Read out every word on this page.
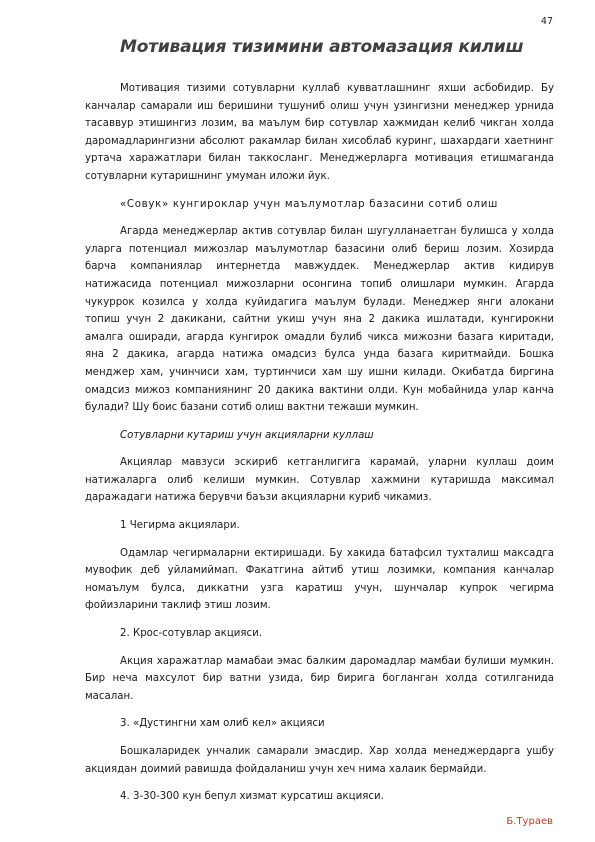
47
Мотивация тизимини автомазация килиш

Мотивация тизими сотувларни куллаб кувватлашнинг яхши асбобидир. Бу канчалар самарали иш беришини тушуниб олиш учун узингизни менеджер урнида тасаввур этишингиз лозим, ва маълум бир сотувлар хажмидан келиб чикган холда даромадларингизни абсолют ракамлар билан хисоблаб куринг, шахардаги хаетнинг уртача харажатлари билан таккосланг. Менеджерларга мотивация етишмаганда сотувларни кутаришнинг умуман иложи йук.

«Совук» кунгироклар учун маълумотлар базасини сотиб олиш

Агарда менеджерлар актив сотувлар билан шугулланаетган булишса у холда уларга потенциал мижозлар маълумотлар базасини олиб бериш лозим. Хозирда барча компаниялар интернетда мавжуддек. Менеджерлар актив кидирув натижасида потенциал мижозларни осонгина топиб олишлари мумкин. Агарда чукуррок козилса у холда куйидагига маълум булади. Менеджер янги алокани топиш учун 2 дакикани, сайтни укиш учун яна 2 дакика ишлатади, кунгирокни амалга оширади, агарда кунгирок омадли булиб чикса мижозни базага киритади, яна 2 дакика, агарда натижа омадсиз булса унда базага киритмайди. Бошка менджер хам, учинчиси хам, туртинчиси хам шу ишни килади. Окибатда биргина омадсиз мижоз компаниянинг 20 дакика вактини олди. Кун мобайнида улар канча булади? Шу боис базани сотиб олиш вактни тежаши мумкин.

Сотувларни кутариш учун акцияларни куллаш

Акциялар мавзуси эскириб кетганлигига карамай, уларни куллаш доим натижаларга олиб келиши мумкин. Сотувлар хажмини кутаришда максимал даражадаги натижа берувчи баъзи акцияларни куриб чикамиз.

1 Чегирма акциялари.

Одамлар чегирмаларни ектиришади. Бу хакида батафсил тухталиш максадга мувофик деб уйламиймап. Факатгина айтиб утиш лозимки, компания канчалар номаълум булса, диккатни узга каратиш учун, шунчалар купрок чегирма фойизларини таклиф этиш лозим.

2. Крос-сотувлар акцияси.

Акция харажатлар мамабаи эмас балким даромадлар мамбаи булиши мумкин. Бир неча махсулот бир ватни узида, бир бирига богланган холда сотилганида масалан.

3. «Дустингни хам олиб кел» акцияси

Бошкаларидек унчалик самарали эмасдир. Хар холда менеджердарга ушбу акциядан доимий равишда фойдаланиш учун хеч нима халаик бермайди.

4. 3-30-300 кун бепул хизмат курсатиш акцияси.

Б.Тураев
